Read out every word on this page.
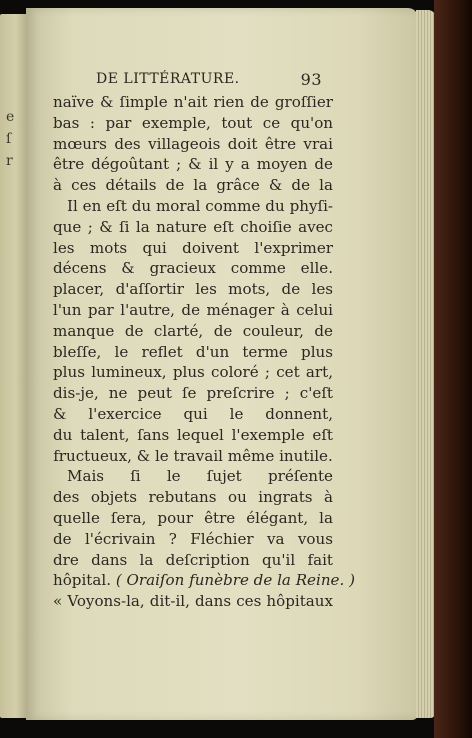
e
ſ
r
DE LITTÉRATURE.	93
naïve & ſimple n'ait rien de groſſier
bas : par exemple, tout ce qu'on
mœurs des villageois doit être vrai
être dégoûtant ; & il y a moyen de
à ces détails de la grâce & de la
Il en eſt du moral comme du phyſi-
que ; & ſi la nature eſt choiſie avec
les mots qui doivent l'exprimer
décens & gracieux comme elle.
placer, d'aſſortir les mots, de les
l'un par l'autre, de ménager à celui
manque de clarté, de couleur, de
bleſſe, le reflet d'un terme plus
plus lumineux, plus coloré ; cet art,
dis-je, ne peut ſe preſcrire ; c'eſt
& l'exercice qui le donnent,
du talent, ſans lequel l'exemple eſt
fructueux, & le travail même inutile.
Mais ſi le ſujet préſente
des objets rebutans ou ingrats à
quelle ſera, pour être élégant, la
de l'écrivain ? Fléchier va vous
dre dans la deſcription qu'il fait
hôpital. ( Oraiſon funèbre de la Reine. )
« Voyons-la, dit-il, dans ces hôpitaux
